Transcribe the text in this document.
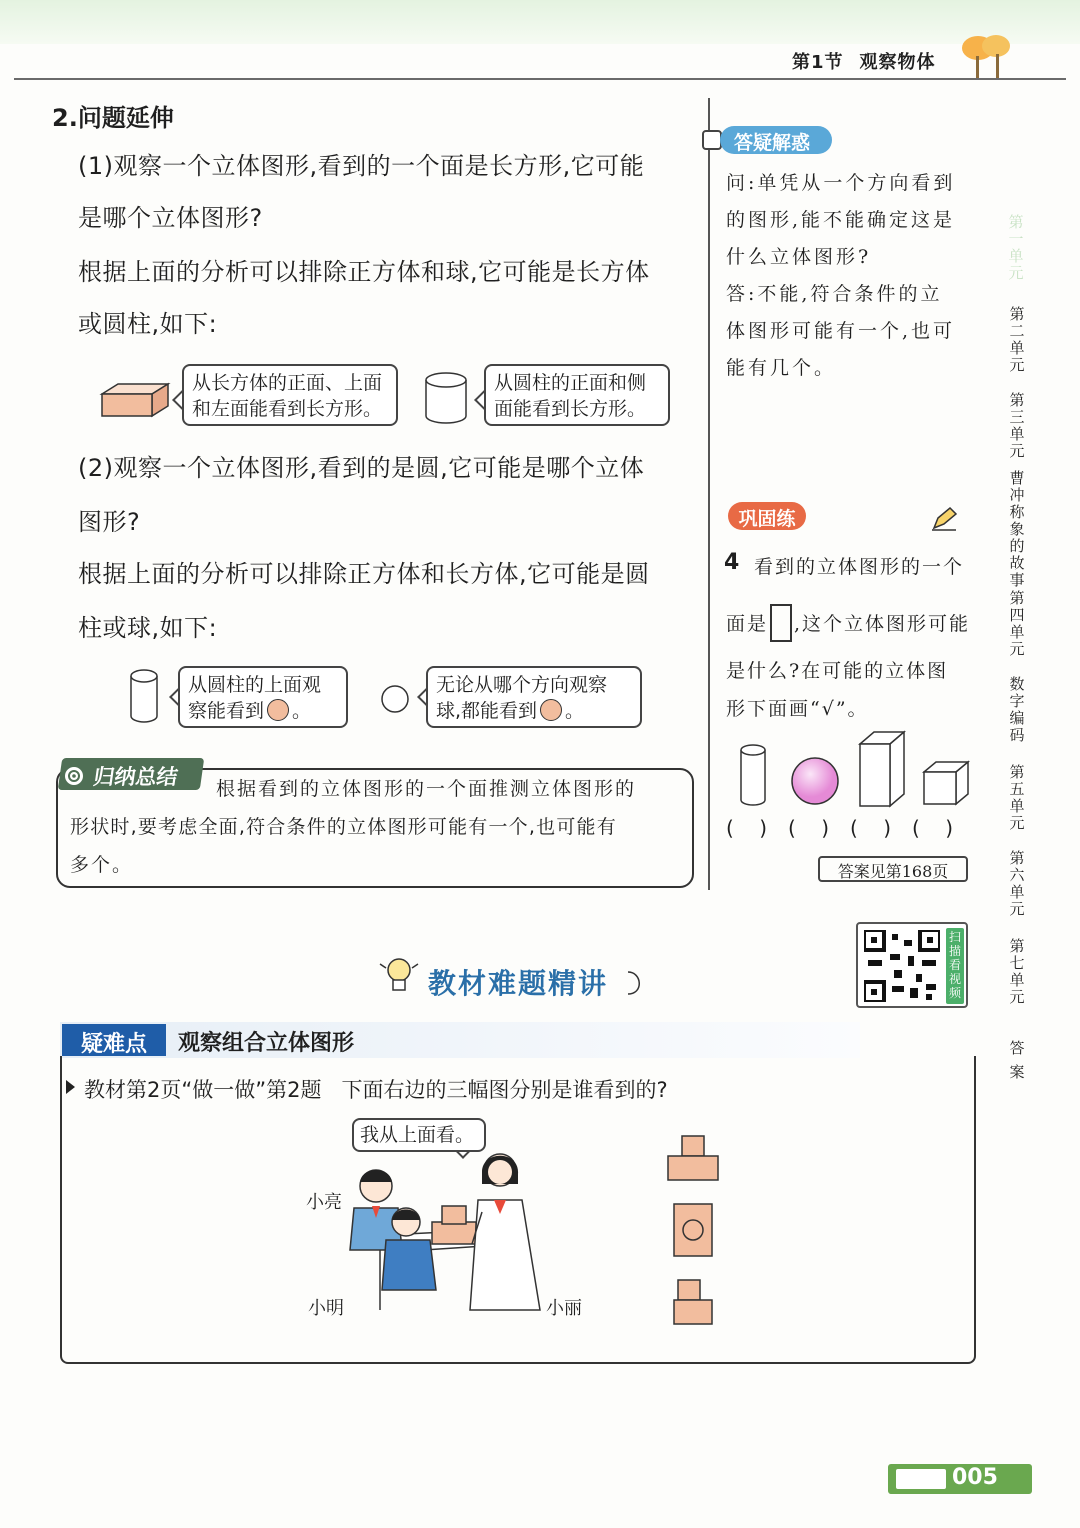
第1节 观察物体
2.问题延伸
(1)观察一个立体图形,看到的一个面是长方形,它可能
是哪个立体图形?
根据上面的分析可以排除正方体和球,它可能是长方体
或圆柱,如下:
从长方体的正面、上面
和左面能看到长方形。
从圆柱的正面和侧
面能看到长方形。
(2)观察一个立体图形,看到的是圆,它可能是哪个立体
图形?
根据上面的分析可以排除正方体和长方体,它可能是圆
柱或球,如下:
从圆柱的上面观
察能看到 。
无论从哪个方向观察
球,都能看到 。
归纳总结	根据看到的立体图形的一个面推测立体图形的
形状时,要考虑全面,符合条件的立体图形可能有一个,也可能有
多个。
答疑解惑
问:单凭从一个方向看到
的图形,能不能确定这是
什么立体图形?
答:不能,符合条件的立
体图形可能有一个,也可
能有几个。
巩固练
4 看到的立体图形的一个
面是 ,这个立体图形可能
是什么?在可能的立体图
形下面画“√”。
(    ) (    ) (    ) (    )
答案见第168页
扫描看视频
第一单元
第二单元
第三单元
曹冲称象的故事
第四单元
数字编码
第五单元
第六单元
第七单元
答案
教材难题精讲
疑难点	观察组合立体图形
教材第2页“做一做”第2题   下面右边的三幅图分别是谁看到的?
我从上面看。
小亮
小明	小丽
005
